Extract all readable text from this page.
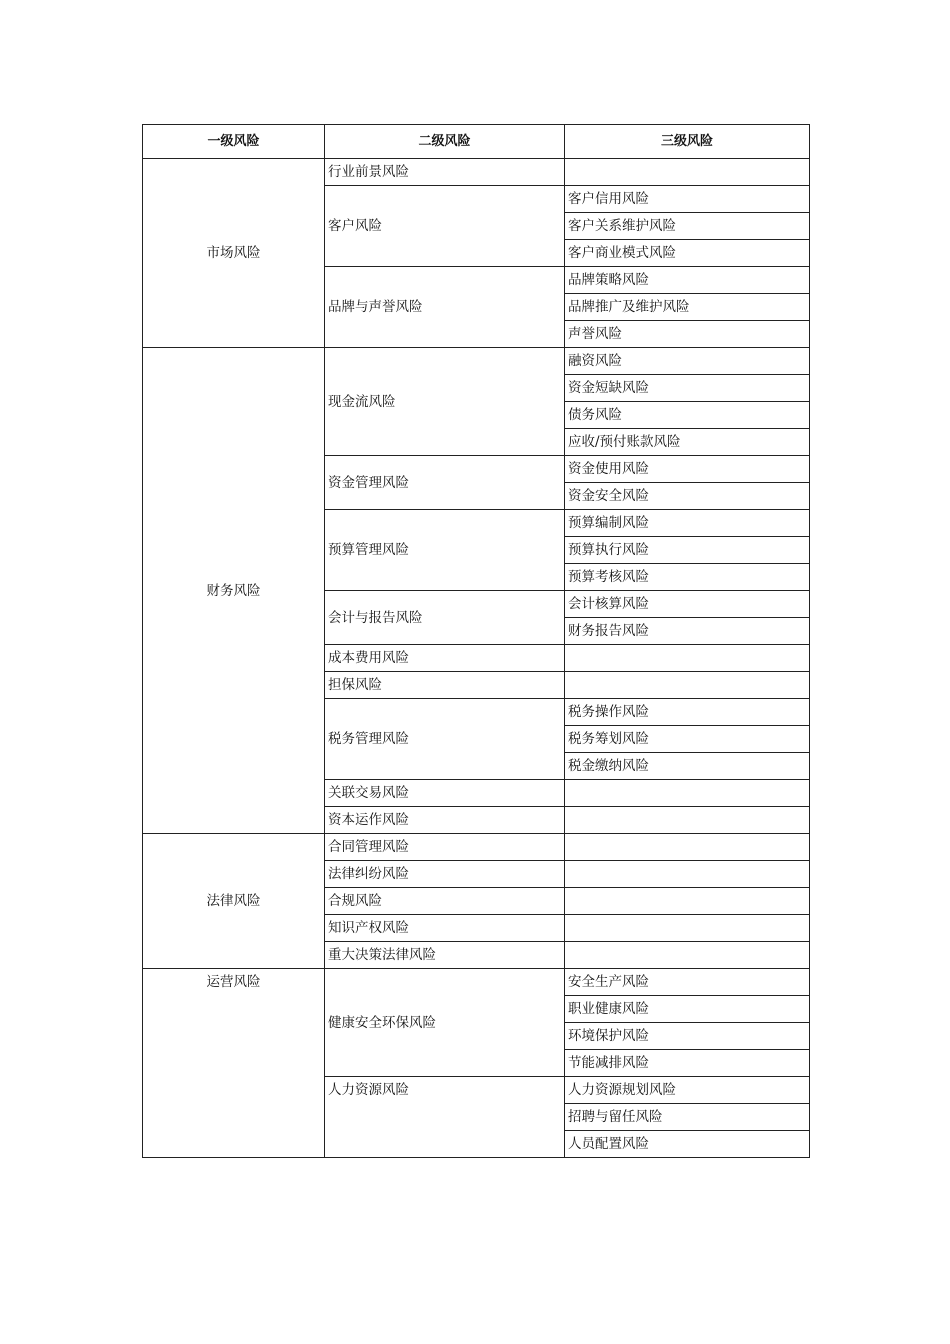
一级风险	二级风险	三级风险
市场风险	行业前景风险	
	客户风险	客户信用风险
		客户关系维护风险
		客户商业模式风险
	品牌与声誉风险	品牌策略风险
		品牌推广及维护风险
		声誉风险
财务风险	现金流风险	融资风险
		资金短缺风险
		债务风险
		应收/预付账款风险
	资金管理风险	资金使用风险
		资金安全风险
	预算管理风险	预算编制风险
		预算执行风险
		预算考核风险
	会计与报告风险	会计核算风险
		财务报告风险
	成本费用风险	
	担保风险	
	税务管理风险	税务操作风险
		税务筹划风险
		税金缴纳风险
	关联交易风险	
	资本运作风险	
法律风险	合同管理风险	
	法律纠纷风险	
	合规风险	
	知识产权风险	
	重大决策法律风险	
运营风险	健康安全环保风险	安全生产风险
		职业健康风险
		环境保护风险
		节能减排风险
	人力资源风险	人力资源规划风险
		招聘与留任风险
		人员配置风险
